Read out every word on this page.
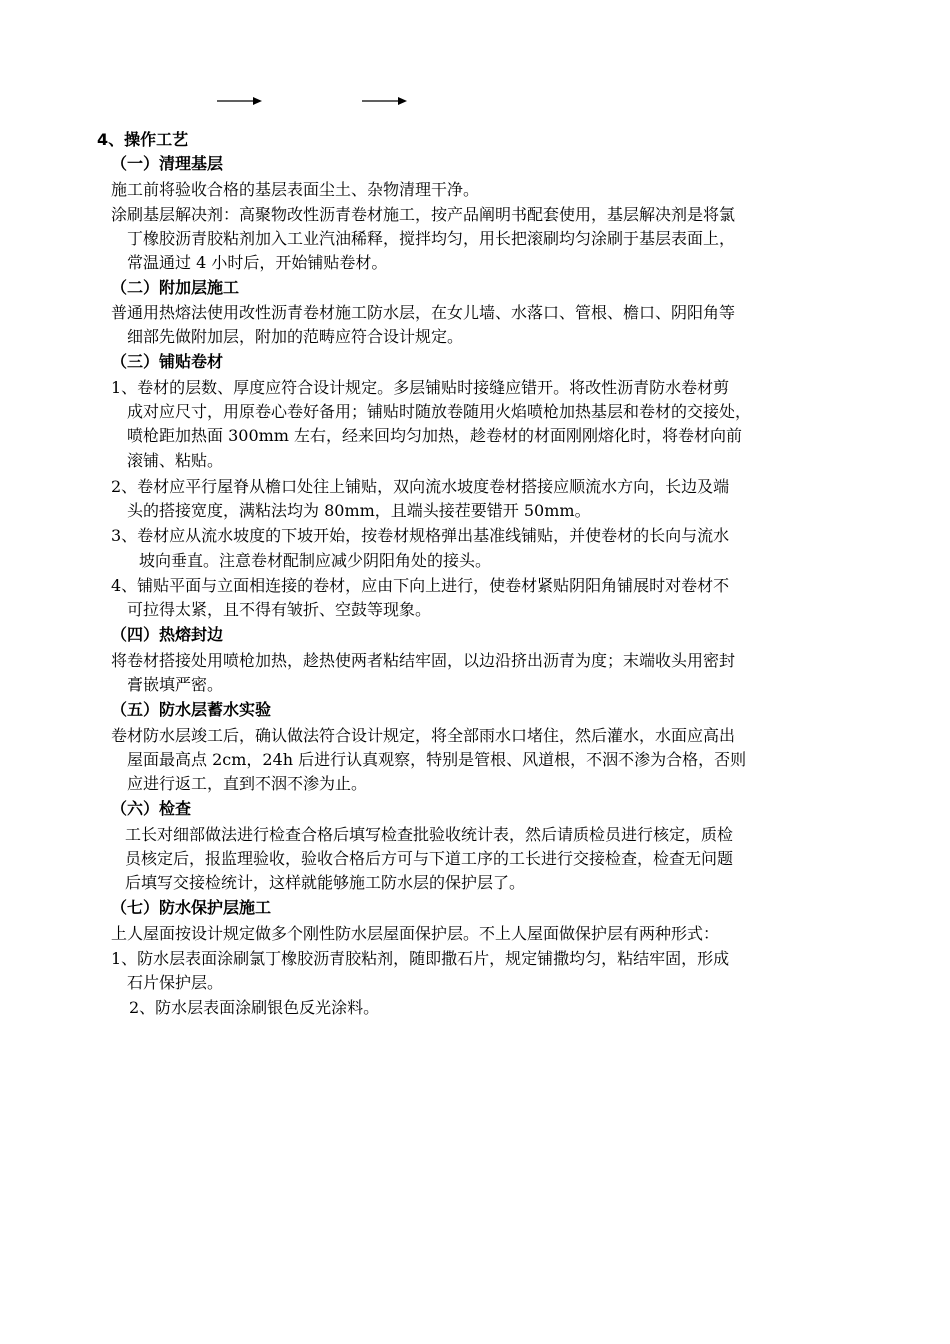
4、操作工艺
（一）清理基层
施工前将验收合格的基层表面尘土、杂物清理干净。
涂刷基层解决剂：高聚物改性沥青卷材施工，按产品阐明书配套使用，基层解决剂是将氯
丁橡胶沥青胶粘剂加入工业汽油稀释，搅拌均匀，用长把滚刷均匀涂刷于基层表面上，
常温通过 4 小时后，开始铺贴卷材。
（二）附加层施工
普通用热熔法使用改性沥青卷材施工防水层，在女儿墙、水落口、管根、檐口、阴阳角等
细部先做附加层，附加的范畴应符合设计规定。
（三）铺贴卷材
1、卷材的层数、厚度应符合设计规定。多层铺贴时接缝应错开。将改性沥青防水卷材剪
成对应尺寸，用原卷心卷好备用；铺贴时随放卷随用火焰喷枪加热基层和卷材的交接处，
喷枪距加热面 300mm 左右，经来回均匀加热，趁卷材的材面刚刚熔化时，将卷材向前
滚铺、粘贴。
2、卷材应平行屋脊从檐口处往上铺贴，双向流水坡度卷材搭接应顺流水方向，长边及端
头的搭接宽度，满粘法均为 80mm，且端头接茬要错开 50mm。
3、卷材应从流水坡度的下坡开始，按卷材规格弹出基准线铺贴，并使卷材的长向与流水
坡向垂直。注意卷材配制应减少阴阳角处的接头。
4、铺贴平面与立面相连接的卷材，应由下向上进行，使卷材紧贴阴阳角铺展时对卷材不
可拉得太紧，且不得有皱折、空鼓等现象。
（四）热熔封边
将卷材搭接处用喷枪加热，趁热使两者粘结牢固，以边沿挤出沥青为度；末端收头用密封
膏嵌填严密。
（五）防水层蓄水实验
卷材防水层竣工后，确认做法符合设计规定，将全部雨水口堵住，然后灌水，水面应高出
屋面最高点 2cm，24h 后进行认真观察，特别是管根、风道根，不洇不渗为合格，否则
应进行返工，直到不洇不渗为止。
（六）检查
工长对细部做法进行检查合格后填写检查批验收统计表，然后请质检员进行核定，质检
员核定后，报监理验收，验收合格后方可与下道工序的工长进行交接检查，检查无问题
后填写交接检统计，这样就能够施工防水层的保护层了。
（七）防水保护层施工
上人屋面按设计规定做多个刚性防水层屋面保护层。不上人屋面做保护层有两种形式：
1、防水层表面涂刷氯丁橡胶沥青胶粘剂，随即撒石片，规定铺撒均匀，粘结牢固，形成
石片保护层。
2、防水层表面涂刷银色反光涂料。
